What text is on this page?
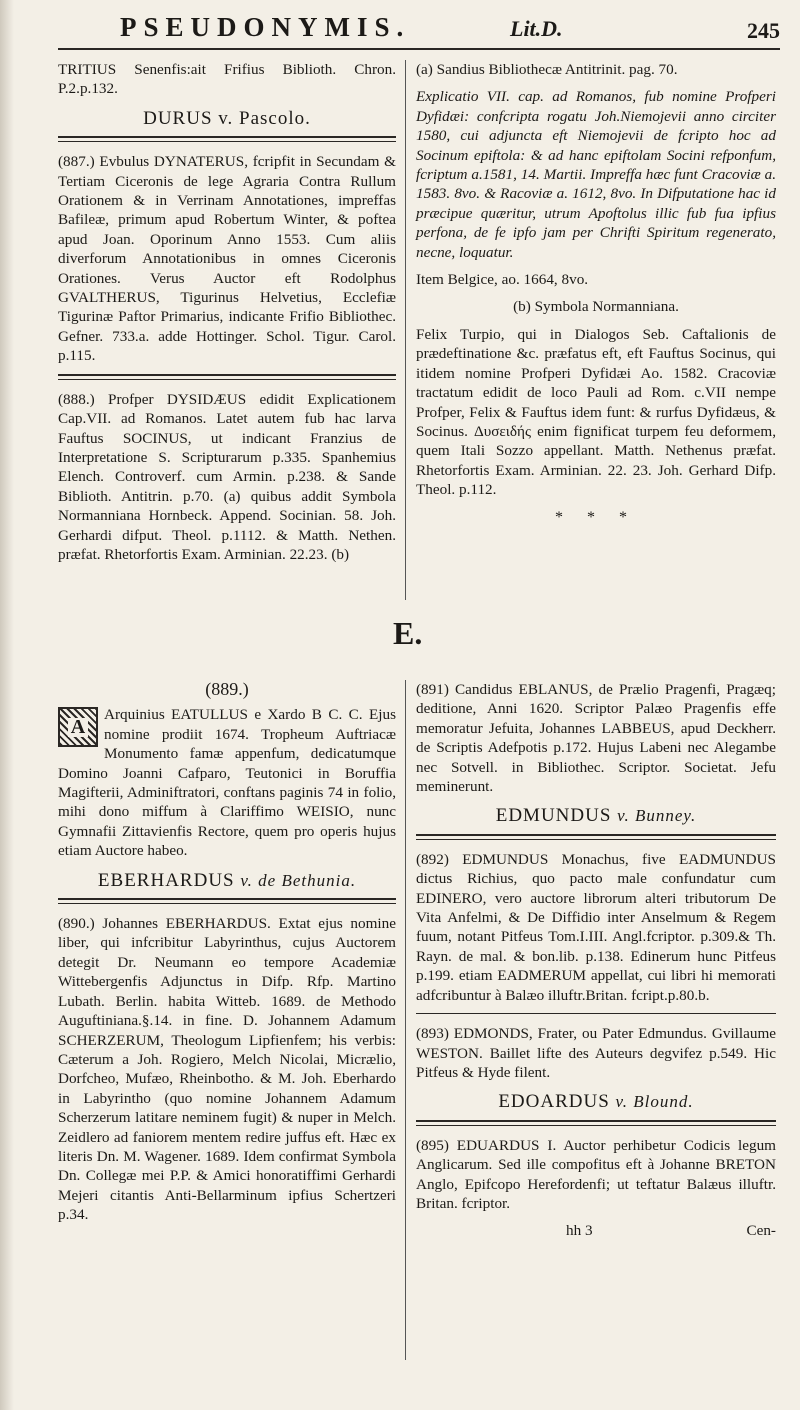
PSEUDONYMIS.	Lit.D.	245

TRITIUS Senenfis:ait Frifius Biblioth. Chron. P.2.p.132.

DURUS v. Pascolo.

(887.) Evbulus DYNATERUS, fcripfit in Secundam & Tertiam Ciceronis de lege Agraria Contra Rullum Orationem & in Verrinam Annotationes, impreffas Bafileæ, primum apud Robertum Winter, & poftea apud Joan. Oporinum Anno 1553. Cum aliis diverforum Annotationibus in omnes Ciceronis Orationes. Verus Auctor eft Rodolphus GVALTHERUS, Tigurinus Helvetius, Ecclefiæ Tigurinæ Paftor Primarius, indicante Frifio Bibliothec. Gefner. 733.a. adde Hottinger. Schol. Tigur. Carol. p.115.

(888.) Profper DYSIDÆUS edidit Explicationem Cap.VII. ad Romanos. Latet autem fub hac larva Fauftus SOCINUS, ut indicant Franzius de Interpretatione S. Scripturarum p.335. Spanhemius Elench. Controverf. cum Armin. p.238. & Sande Biblioth. Antitrin. p.70. (a) quibus addit Symbola Normanniana Hornbeck. Append. Socinian. 58. Joh. Gerhardi difput. Theol. p.1112. & Matth. Nethen. præfat. Rhetorfortis Exam. Arminian. 22.23. (b)

(a) Sandius Bibliothecæ Antitrinit. pag. 70.

Explicatio VII. cap. ad Romanos, fub nomine Profperi Dyfidæi: confcripta rogatu Joh.Niemojevii anno circiter 1580, cui adjuncta eft Niemojevii de fcripto hoc ad Socinum epiftola: & ad hanc epiftolam Socini refponfum, fcriptum a.1581, 14. Martii. Impreffa hæc funt Cracoviæ a. 1583. 8vo. & Racoviæ a. 1612, 8vo. In Difputatione hac id præcipue quæritur, utrum Apoftolus illic fub fua ipfius perfona, de fe ipfo jam per Chrifti Spiritum regenerato, necne, loquatur.

Item Belgice, ao. 1664, 8vo.

(b) Symbola Normanniana.

Felix Turpio, qui in Dialogos Seb. Caftalionis de prædeftinatione &c. præfatus eft, eft Fauftus Socinus, qui itidem nomine Profperi Dyfidæi Ao. 1582. Cracoviæ tractatum edidit de loco Pauli ad Rom. c.VII nempe Profper, Felix & Fauftus idem funt: & rurfus Dyfidæus, & Socinus. Δυσειδής enim fignificat turpem feu deformem, quem Itali Sozzo appellant. Matth. Nethenus præfat. Rhetorfortis Exam. Arminian. 22. 23. Joh. Gerhard Difp. Theol. p.112.

* * *
E.

(889.)

A
Arquinius EATULLUS e Xardo B C. C. Ejus nomine prodiit 1674. Tropheum Auftriacæ Monumento famæ appenfum, dedicatumque Domino Joanni Cafparo, Teutonici in Boruffia Magifterii, Adminiftratori, conftans paginis 74 in folio, mihi dono miffum à Clariffimo WEISIO, nunc Gymnafii Zittavienfis Rectore, quem pro operis hujus etiam Auctore habeo.

EBERHARDUS v. de Bethunia.

(890.) Johannes EBERHARDUS. Extat ejus nomine liber, qui infcribitur Labyrinthus, cujus Auctorem detegit Dr. Neumann eo tempore Academiæ Wittebergenfis Adjunctus in Difp. Rfp. Martino Lubath. Berlin. habita Witteb. 1689. de Methodo Auguftiniana.§.14. in fine. D. Johannem Adamum SCHERZERUM, Theologum Lipfienfem; his verbis: Cæterum a Joh. Rogiero, Melch Nicolai, Micrælio, Dorfcheo, Mufæo, Rheinbotho. & M. Joh. Eberhardo in Labyrintho (quo nomine Johannem Adamum Scherzerum latitare neminem fugit) & nuper in Melch. Zeidlero ad faniorem mentem redire juffus eft. Hæc ex literis Dn. M. Wagener. 1689. Idem confirmat Symbola Dn. Collegæ mei P.P. & Amici honoratiffimi Gerhardi Mejeri citantis Anti-Bellarminum ipfius Schertzeri p.34.

(891) Candidus EBLANUS, de Prælio Pragenfi, Pragæq; deditione, Anni 1620. Scriptor Palæo Pragenfis effe memoratur Jefuita, Johannes LABBEUS, apud Deckherr. de Scriptis Adefpotis p.172. Hujus Labeni nec Alegambe nec Sotvell. in Bibliothec. Scriptor. Societat. Jefu meminerunt.

EDMUNDUS v. Bunney.

(892) EDMUNDUS Monachus, five EADMUNDUS dictus Richius, quo pacto male confundatur cum EDINERO, vero auctore librorum alteri tributorum De Vita Anfelmi, & De Diffidio inter Anselmum & Regem fuum, notant Pitfeus Tom.I.III. Angl.fcriptor. p.309.& Th. Rayn. de mal. & bon.lib. p.138. Edinerum hunc Pitfeus p.199. etiam EADMERUM appellat, cui libri hi memorati adfcribuntur à Balæo illuftr.Britan. fcript.p.80.b.

(893) EDMONDS, Frater, ou Pater Edmundus. Gvillaume WESTON. Baillet lifte des Auteurs degvifez p.549. Hic Pitfeus & Hyde filent.

EDOARDUS v. Blound.

(895) EDUARDUS I. Auctor perhibetur Codicis legum Anglicarum. Sed ille compofitus eft à Johanne BRETON Anglo, Epifcopo Herefordenfi; ut teftatur Balæus illuftr. Britan. fcriptor.

hh 3	Cen-
